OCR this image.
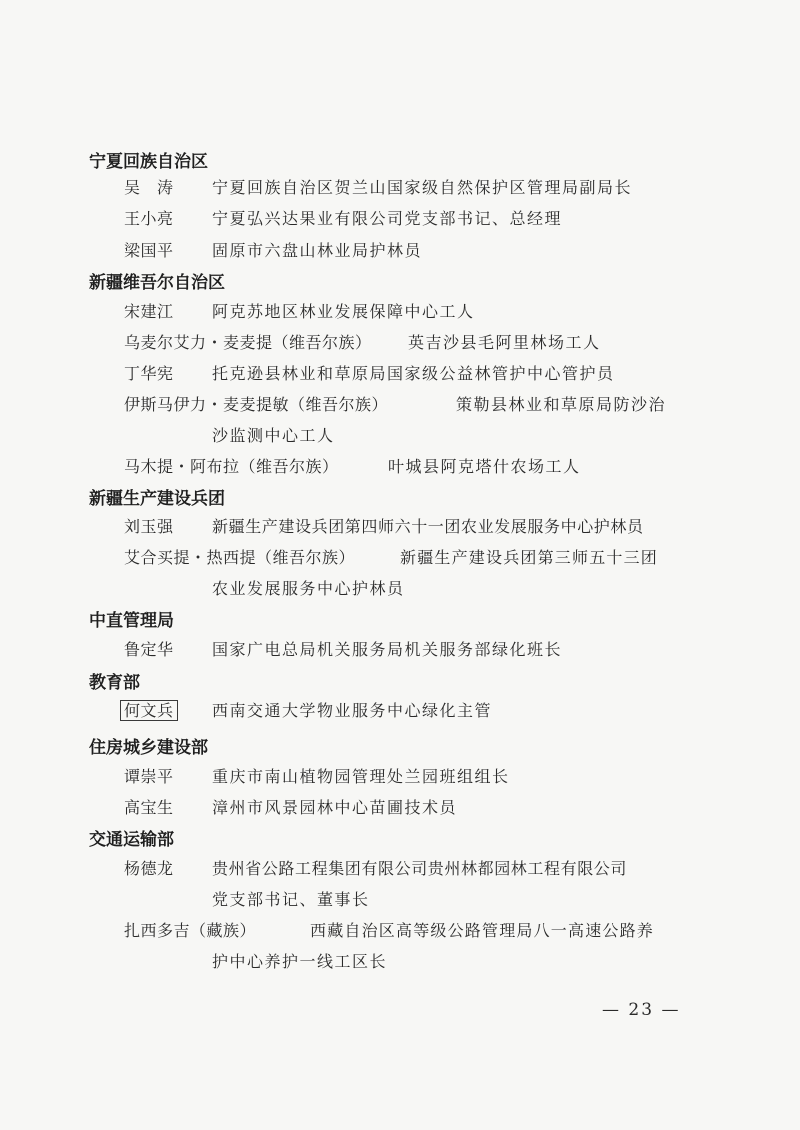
宁夏回族自治区
吴　涛 宁夏回族自治区贺兰山国家级自然保护区管理局副局长
王小亮 宁夏弘兴达果业有限公司党支部书记、总经理
梁国平 固原市六盘山林业局护林员
新疆维吾尔自治区
宋建江 阿克苏地区林业发展保障中心工人
乌麦尔艾力・麦麦提（维吾尔族） 英吉沙县毛阿里林场工人
丁华宪 托克逊县林业和草原局国家级公益林管护中心管护员
伊斯马伊力・麦麦提敏（维吾尔族）	策勒县林业和草原局防沙治
沙监测中心工人
马木提・阿布拉（维吾尔族）	叶城县阿克塔什农场工人
新疆生产建设兵团
刘玉强 新疆生产建设兵团第四师六十一团农业发展服务中心护林员
艾合买提・热西提（维吾尔族）	新疆生产建设兵团第三师五十三团
农业发展服务中心护林员
中直管理局
鲁定华 国家广电总局机关服务局机关服务部绿化班长
教育部
何文兵 西南交通大学物业服务中心绿化主管
住房城乡建设部
谭崇平 重庆市南山植物园管理处兰园班组组长
高宝生 漳州市风景园林中心苗圃技术员
交通运输部
杨德龙 贵州省公路工程集团有限公司贵州林都园林工程有限公司
党支部书记、董事长
扎西多吉（藏族）	西藏自治区高等级公路管理局八一高速公路养
护中心养护一线工区长
— 23 —
